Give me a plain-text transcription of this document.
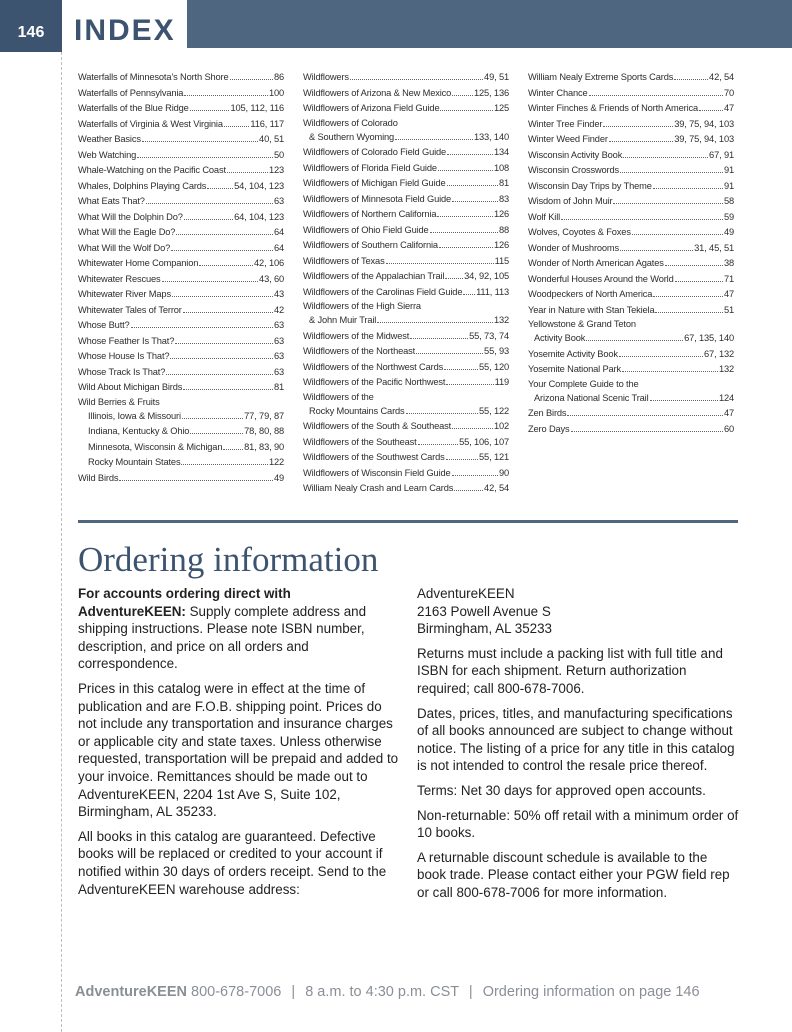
146 INDEX
Waterfalls of Minnesota’s North Shore	86
Waterfalls of Pennsylvania	100
Waterfalls of the Blue Ridge	105, 112, 116
Waterfalls of Virginia & West Virginia	116, 117
Weather Basics	40, 51
Web Watching	50
Whale-Watching on the Pacific Coast	123
Whales, Dolphins Playing Cards	54, 104, 123
What Eats That?	63
What Will the Dolphin Do?	64, 104, 123
What Will the Eagle Do?	64
What Will the Wolf Do?	64
Whitewater Home Companion	42, 106
Whitewater Rescues	43, 60
Whitewater River Maps	43
Whitewater Tales of Terror	42
Whose Butt?	63
Whose Feather Is That?	63
Whose House Is That?	63
Whose Track Is That?	63
Wild About Michigan Birds	81
Wild Berries & Fruits
Illinois, Iowa & Missouri	77, 79, 87
Indiana, Kentucky & Ohio	78, 80, 88
Minnesota, Wisconsin & Michigan 81, 83, 90
Rocky Mountain States	122
Wild Birds	49
Wildflowers	49, 51
Wildflowers of Arizona & New Mexico 125, 136
Wildflowers of Arizona Field Guide	125
Wildflowers of Colorado
& Southern Wyoming	133, 140
Wildflowers of Colorado Field Guide	134
Wildflowers of Florida Field Guide	108
Wildflowers of Michigan Field Guide	81
Wildflowers of Minnesota Field Guide	83
Wildflowers of Northern California	126
Wildflowers of Ohio Field Guide	88
Wildflowers of Southern California	126
Wildflowers of Texas	115
Wildflowers of the Appalachian Trail 34, 92, 105
Wildflowers of the Carolinas Field Guide 111, 113
Wildflowers of the High Sierra
& John Muir Trail	132
Wildflowers of the Midwest	55, 73, 74
Wildflowers of the Northeast	55, 93
Wildflowers of the Northwest Cards	55, 120
Wildflowers of the Pacific Northwest	119
Wildflowers of the
Rocky Mountains Cards	55, 122
Wildflowers of the South & Southeast	102
Wildflowers of the Southeast	55, 106, 107
Wildflowers of the Southwest Cards	55, 121
Wildflowers of Wisconsin Field Guide	90
William Nealy Crash and Learn Cards	42, 54
William Nealy Extreme Sports Cards	42, 54
Winter Chance	70
Winter Finches & Friends of North America	47
Winter Tree Finder	39, 75, 94, 103
Winter Weed Finder	39, 75, 94, 103
Wisconsin Activity Book	67, 91
Wisconsin Crosswords	91
Wisconsin Day Trips by Theme	91
Wisdom of John Muir	58
Wolf Kill	59
Wolves, Coyotes & Foxes	49
Wonder of Mushrooms	31, 45, 51
Wonder of North American Agates	38
Wonderful Houses Around the World	71
Woodpeckers of North America	47
Year in Nature with Stan Tekiela	51
Yellowstone & Grand Teton
Activity Book	67, 135, 140
Yosemite Activity Book	67, 132
Yosemite National Park	132
Your Complete Guide to the
Arizona National Scenic Trail	124
Zen Birds	47
Zero Days	60
Ordering information

For accounts ordering direct with AdventureKEEN: Supply complete address and shipping instructions. Please note ISBN number, description, and price on all orders and correspondence.

Prices in this catalog were in effect at the time of publication and are F.O.B. shipping point. Prices do not include any transportation and insurance charges or applicable city and state taxes. Unless otherwise requested, transportation will be prepaid and added to your invoice. Remittances should be made out to AdventureKEEN, 2204 1st Ave S, Suite 102, Birmingham, AL 35233.

All books in this catalog are guaranteed. Defective books will be replaced or credited to your account if notified within 30 days of orders receipt. Send to the AdventureKEEN warehouse address:

AdventureKEEN
2163 Powell Avenue S
Birmingham, AL 35233

Returns must include a packing list with full title and ISBN for each shipment. Return authorization required; call 800-678-7006.

Dates, prices, titles, and manufacturing specifications of all books announced are subject to change without notice. The listing of a price for any title in this catalog is not intended to control the resale price thereof.

Terms: Net 30 days for approved open accounts.

Non-returnable: 50% off retail with a minimum order of 10 books.

A returnable discount schedule is available to the book trade. Please contact either your PGW field rep or call 800-678-7006 for more information.

AdventureKEEN 800-678-7006 | 8 a.m. to 4:30 p.m. CST | Ordering information on page 146
